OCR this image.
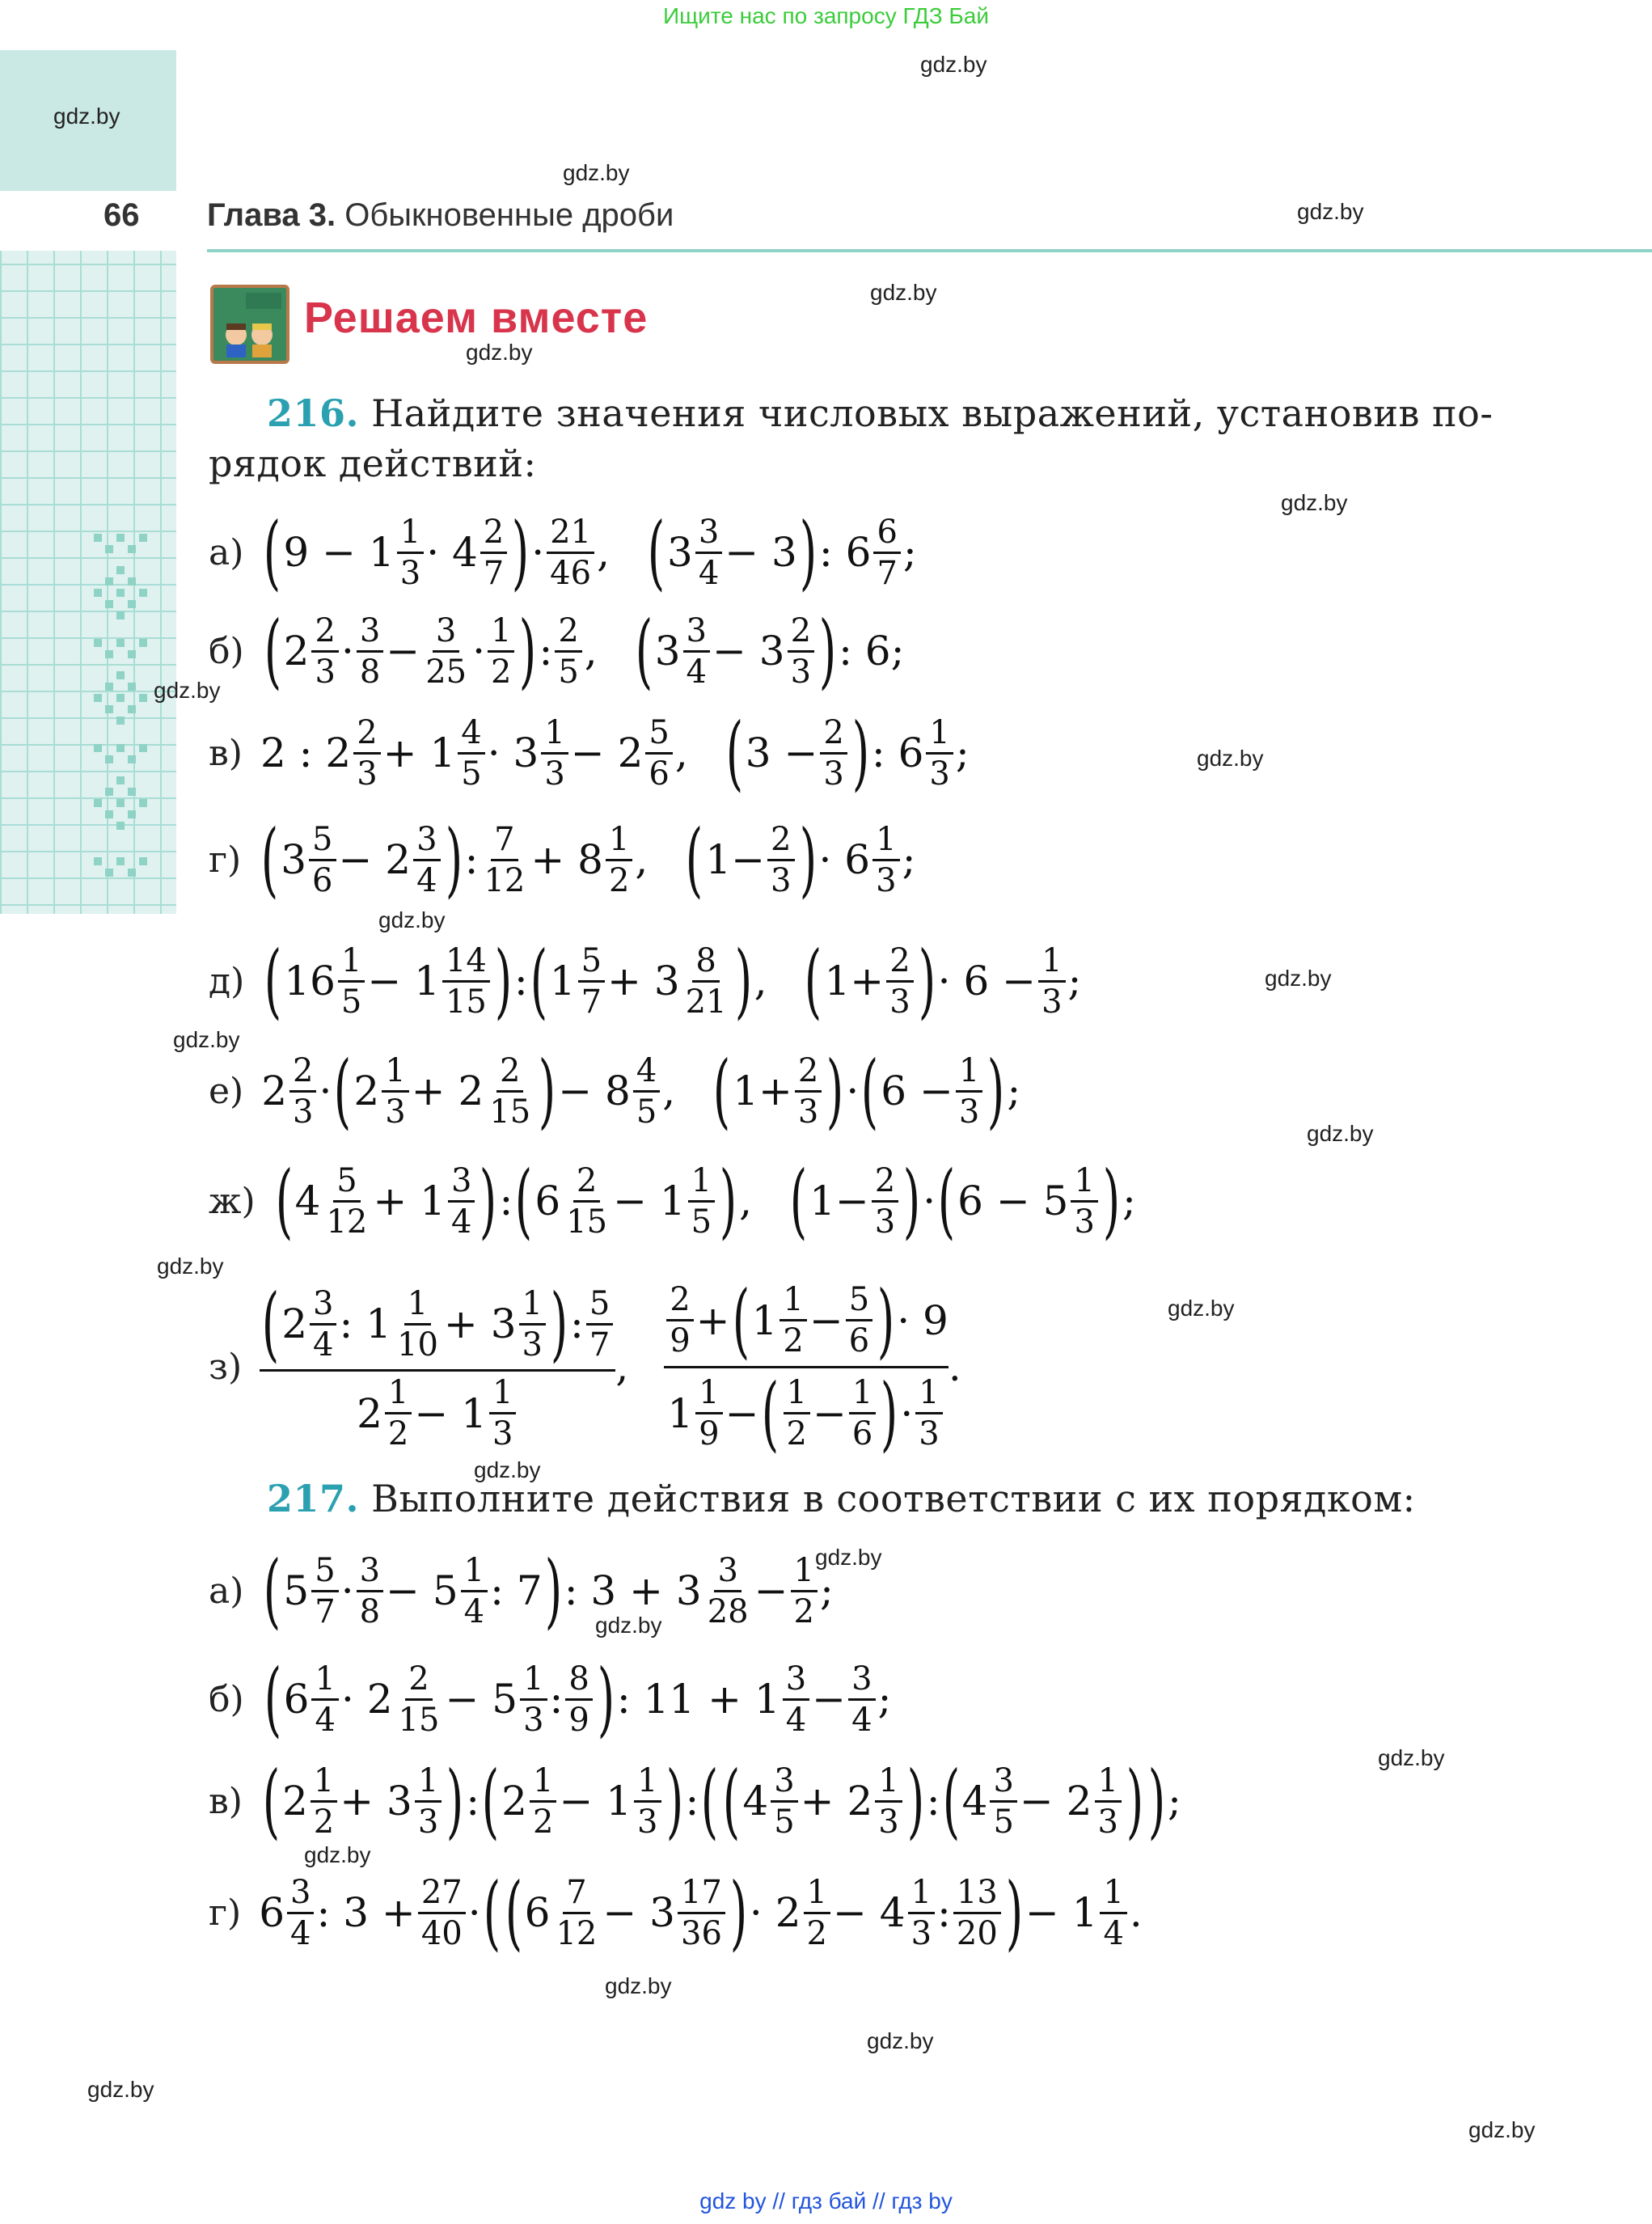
66
Ищите нас по запросу ГДЗ Бай
Глава 3. Обыкновенные дроби
Решаем вместе
216. Найдите значения числовых выражений, установив по-
рядок действий:
а) ( 9 − 1 1
3 · 4 2
7 ) · 21
46 , ( 3 3
4 − 3 ) : 6 6
7 ;
б) ( 2 2
3 · 3
8 − 3
25 · 1
2 ) : 2
5 , ( 3 3
4 − 3 2
3 ) : 6;
в) 2 : 2 2
3 + 1 4
5 · 3 1
3 − 2 5
6 , ( 3 − 2
3 ) : 6 1
3 ;
г) ( 3 5
6 − 2 3
4 ) : 7
12 + 8 1
2 , ( 1− 2
3 ) · 6 1
3 ;
д) ( 16 1
5 − 1 14
15 ) : ( 1 5
7 + 3 8
21 ) , ( 1+ 2
3 ) · 6 − 1
3 ;
е) 2 2
3 · ( 2 1
3 + 2 2
15 ) − 8 4
5 , ( 1+ 2
3 ) · ( 6 − 1
3 ) ;
ж) ( 4 5
12 + 1 3
4 ) : ( 6 2
15 − 1 1
5 ) , ( 1− 2
3 ) · ( 6 − 5 1
3 ) ;
з) ( 2 3
4 : 1 1
10 + 3 1
3 ) : 5
7
2 1
2 − 1 1
3
,
2
9 + ( 1 1
2 − 5
6 ) · 9
1 1
9 − ( 1
2 − 1
6 ) · 1
3
.
217. Выполните действия в соответствии с их порядком:
а) ( 5 5
7 · 3
8 − 5 1
4 : 7 ) : 3 + 3 3
28 − 1
2 ;
б) ( 6 1
4 · 2 2
15 − 5 1
3 : 8
9 ) : 11 + 1 3
4 − 3
4 ;
в) ( 2 1
2 + 3 1
3 ) : ( 2 1
2 − 1 1
3 ) : ( ( 4 3
5 + 2 1
3 ) : ( 4 3
5 − 2 1
3 ) ) ;
г) 6 3
4 : 3 + 27
40 · ( ( 6 7
12 − 3 17
36 ) · 2 1
2 − 4 1
3 : 13
20 ) − 1 1
4 .
gdz.by
gdz.by
gdz.by
gdz.by
gdz.by
gdz.by
gdz.by
gdz.by
gdz.by
gdz.by
gdz.by
gdz.by
gdz.by
gdz.by
gdz.by
gdz.by
gdz.by
gdz.by
gdz.by
gdz.by
gdz.by
gdz.by
gdz.by
gdz.by
gdz by // гдз бай // гдз by
